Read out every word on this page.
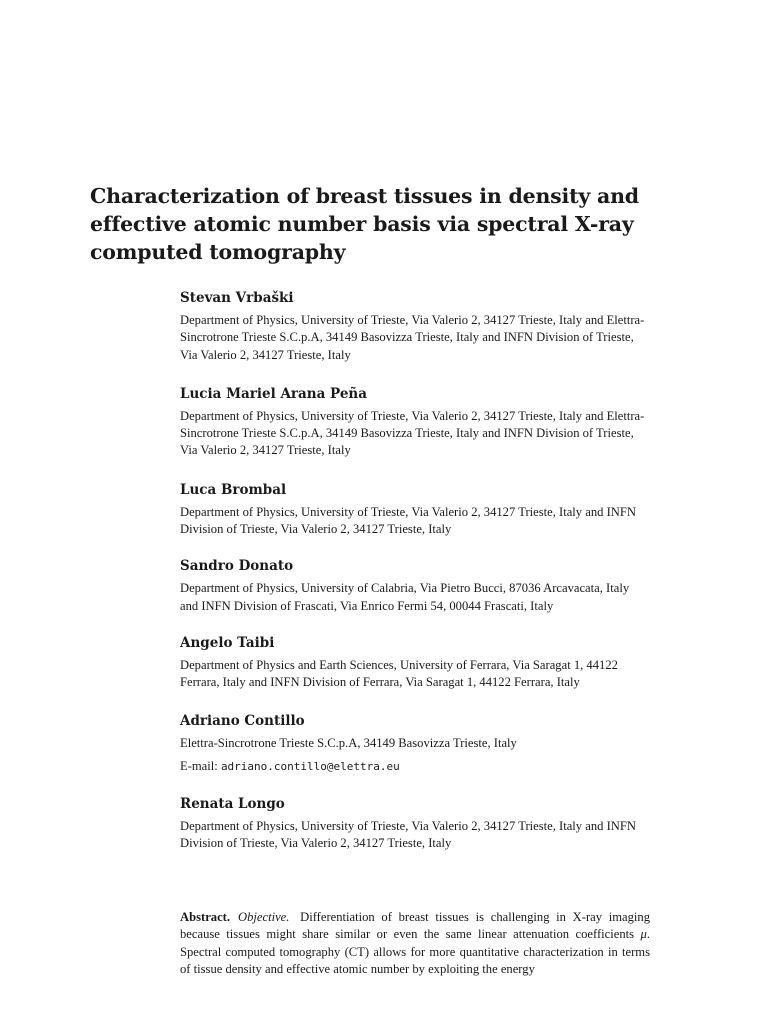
Characterization of breast tissues in density and effective atomic number basis via spectral X-ray computed tomography
Stevan Vrbaški

Department of Physics, University of Trieste, Via Valerio 2, 34127 Trieste, Italy and Elettra-Sincrotrone Trieste S.C.p.A, 34149 Basovizza Trieste, Italy and INFN Division of Trieste, Via Valerio 2, 34127 Trieste, Italy

Lucia Mariel Arana Peña

Department of Physics, University of Trieste, Via Valerio 2, 34127 Trieste, Italy and Elettra-Sincrotrone Trieste S.C.p.A, 34149 Basovizza Trieste, Italy and INFN Division of Trieste, Via Valerio 2, 34127 Trieste, Italy

Luca Brombal

Department of Physics, University of Trieste, Via Valerio 2, 34127 Trieste, Italy and INFN Division of Trieste, Via Valerio 2, 34127 Trieste, Italy

Sandro Donato

Department of Physics, University of Calabria, Via Pietro Bucci, 87036 Arcavacata, Italy and INFN Division of Frascati, Via Enrico Fermi 54, 00044 Frascati, Italy

Angelo Taibi

Department of Physics and Earth Sciences, University of Ferrara, Via Saragat 1, 44122 Ferrara, Italy and INFN Division of Ferrara, Via Saragat 1, 44122 Ferrara, Italy

Adriano Contillo

Elettra-Sincrotrone Trieste S.C.p.A, 34149 Basovizza Trieste, Italy

E-mail: adriano.contillo@elettra.eu

Renata Longo

Department of Physics, University of Trieste, Via Valerio 2, 34127 Trieste, Italy and INFN Division of Trieste, Via Valerio 2, 34127 Trieste, Italy

Abstract. Objective. Differentiation of breast tissues is challenging in X-ray imaging because tissues might share similar or even the same linear attenuation coefficients μ. Spectral computed tomography (CT) allows for more quantitative characterization in terms of tissue density and effective atomic number by exploiting the energy
